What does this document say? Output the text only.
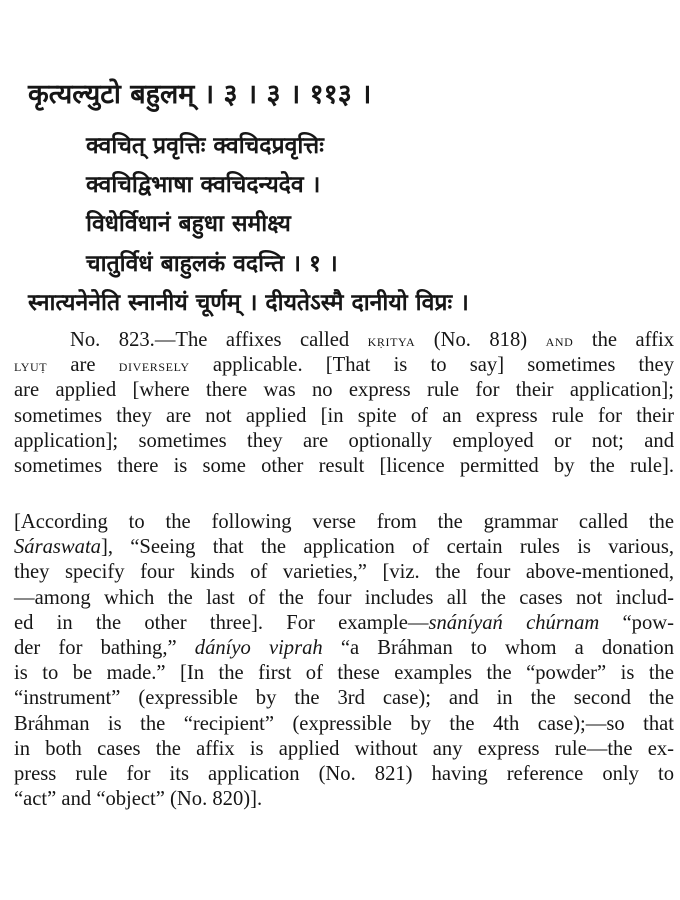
कृत्यल्युटो बहुलम् । ३ । ३ । ११३ ।
क्वचित् प्रवृत्तिः क्वचिदप्रवृत्तिः
क्वचिद्विभाषा क्वचिदन्यदेव ।
विधेर्विधानं बहुधा समीक्ष्य
चातुर्विधं बाहुलकं वदन्ति । १ ।
स्नात्यनेनेति स्नानीयं चूर्णम् । दीयतेऽस्मै दानीयो विप्रः ।
No. 823.—The affixes called kṛitya (No. 818) and the affix
lyuṭ are diversely applicable. [That is to say] sometimes they
are applied [where there was no express rule for their application];
sometimes they are not applied [in spite of an express rule for their
application]; sometimes they are optionally employed or not; and
sometimes there is some other result [licence permitted by the rule].
[According to the following verse from the grammar called the
Sáraswata], “Seeing that the application of certain rules is various,
they specify four kinds of varieties,” [viz. the four above-mentioned,
—among which the last of the four includes all the cases not includ-
ed in the other three]. For example—snáníyań chúrnam “pow-
der for bathing,” dáníyo viprah “a Bráhman to whom a donation
is to be made.” [In the first of these examples the “powder” is the
“instrument” (expressible by the 3rd case); and in the second the
Bráhman is the “recipient” (expressible by the 4th case);—so that
in both cases the affix is applied without any express rule—the ex-
press rule for its application (No. 821) having reference only to
“act” and “object” (No. 820)].
